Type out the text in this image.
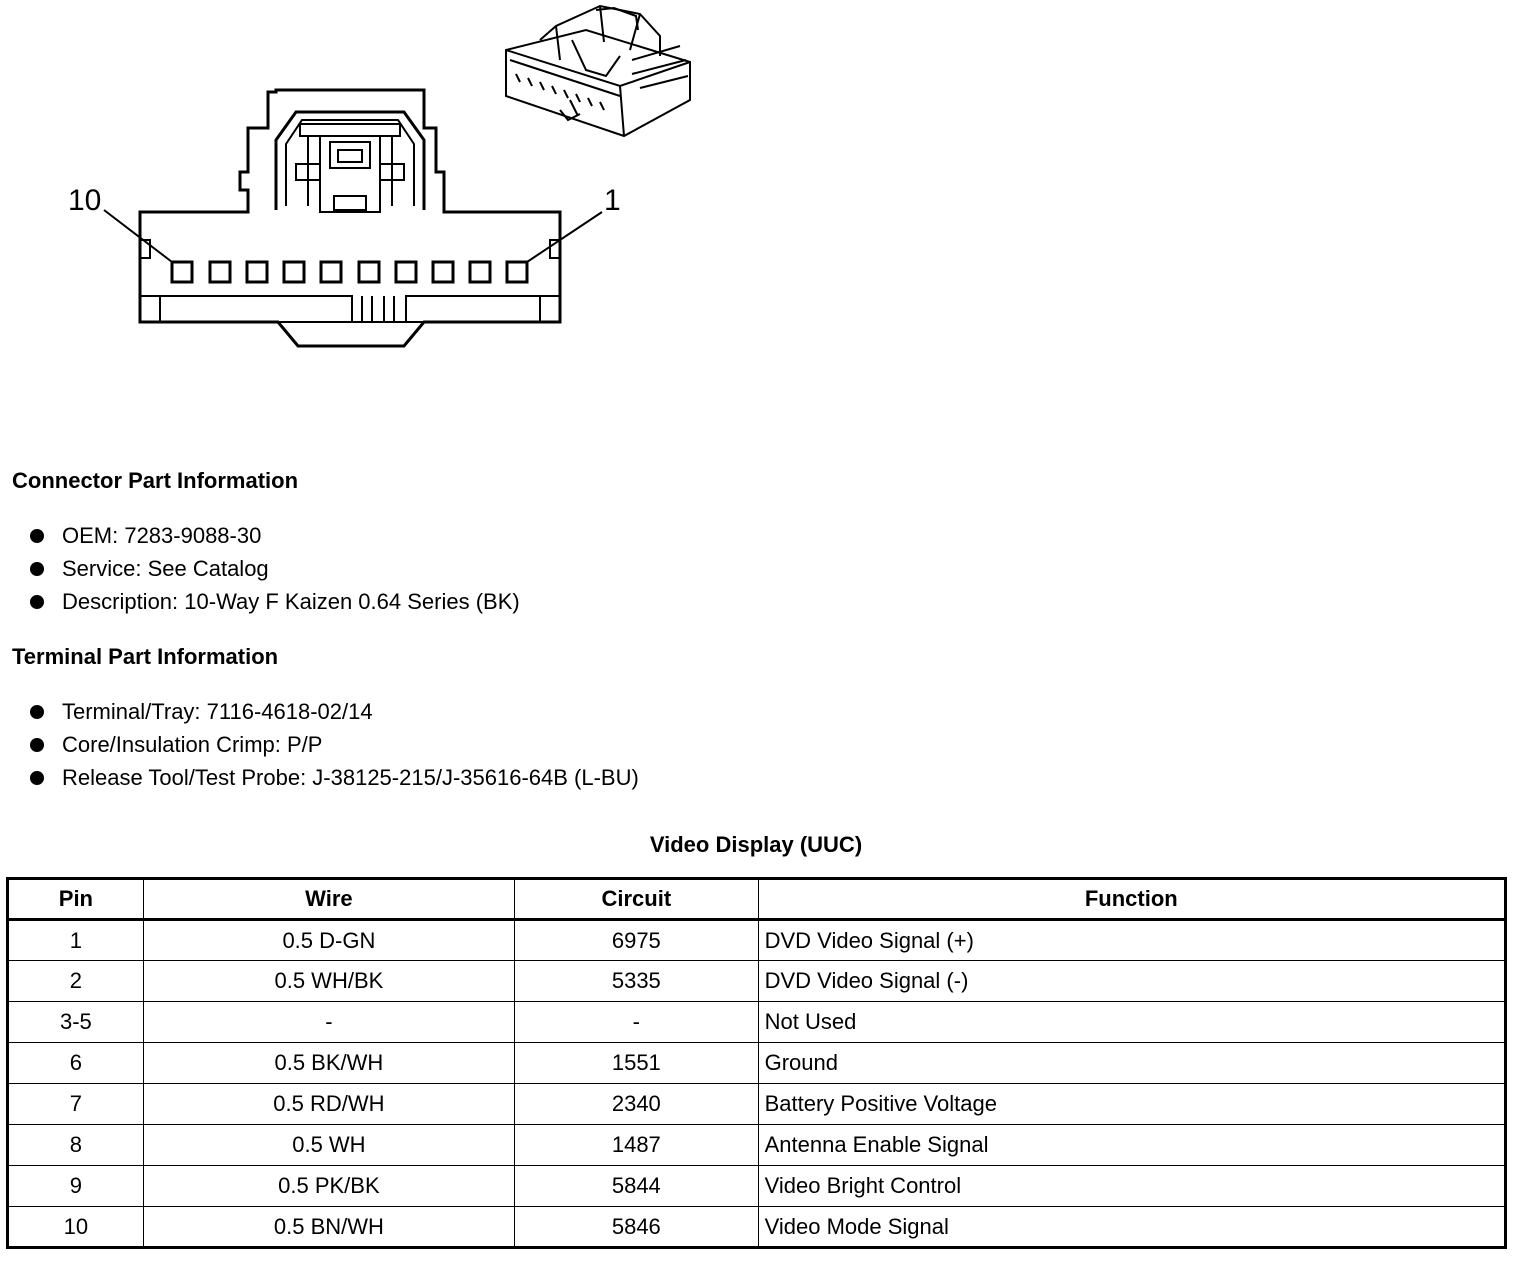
10	1
Connector Part Information
OEM: 7283-9088-30
Service: See Catalog
Description: 10-Way F Kaizen 0.64 Series (BK)
Terminal Part Information
Terminal/Tray: 7116-4618-02/14
Core/Insulation Crimp: P/P
Release Tool/Test Probe: J-38125-215/J-35616-64B (L-BU)
Video Display (UUC)
Pin	Wire	Circuit	Function
1	0.5 D-GN	6975	DVD Video Signal (+)
2	0.5 WH/BK	5335	DVD Video Signal (-)
3-5	-	-	Not Used
6	0.5 BK/WH	1551	Ground
7	0.5 RD/WH	2340	Battery Positive Voltage
8	0.5 WH	1487	Antenna Enable Signal
9	0.5 PK/BK	5844	Video Bright Control
10	0.5 BN/WH	5846	Video Mode Signal
